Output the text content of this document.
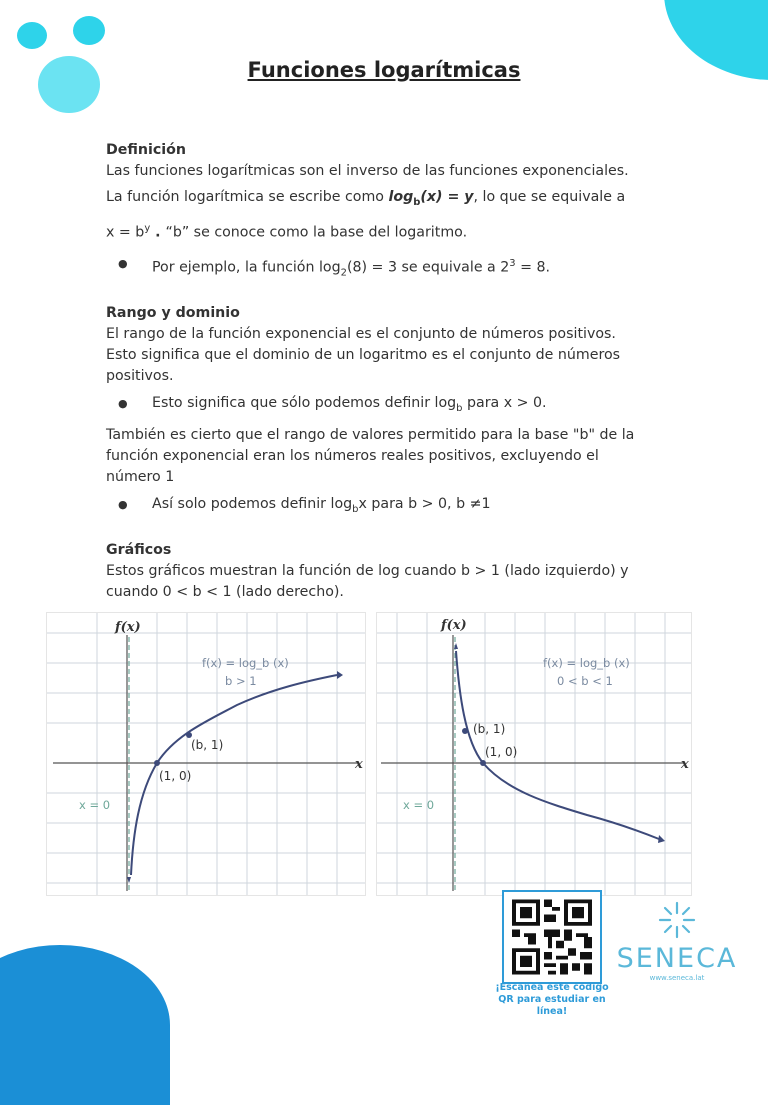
Funciones logarítmicas

Definición

Las funciones logarítmicas son el inverso de las funciones exponenciales.

La función logarítmica se escribe como $\log_b(x) = y$, lo que se equivale a

$x = b^y$ . “b” se conoce como la base del logaritmo.

● Por ejemplo, la función $\log_2(8) = 3$ se equivale a $2^3 = 8$.

Rango y dominio

El rango de la función exponencial es el conjunto de números positivos. Esto significa que el dominio de un logaritmo es el conjunto de números positivos.

● Esto significa que sólo podemos definir $\log_b$ para x > 0.

También es cierto que el rango de valores permitido para la base "b" de la función exponencial eran los números reales positivos, excluyendo el número 1

● Así solo podemos definir $\log_bx$ para b > 0, b ≠1

Gráficos

Estos gráficos muestran la función de log cuando b > 1 (lado izquierdo) y cuando 0 < b < 1 (lado derecho).

f(x)
x
f(x) = log_b (x)
b > 1
(1, 0)
(b, 1)
x = 0
f(x)
x
f(x) = log_b (x)
0 < b < 1
(1, 0)
(b, 1)
x = 0
¡Escanea este código QR para estudiar en línea!
SENECA
www.seneca.lat
